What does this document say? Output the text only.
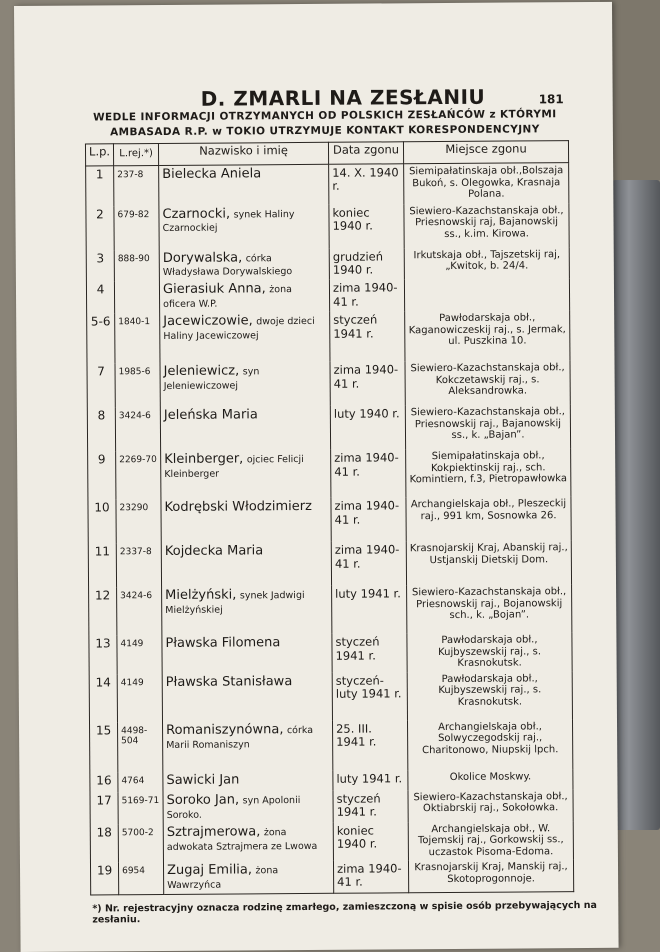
D. ZMARLI NA ZESŁANIU	181
WEDLE INFORMACJI OTRZYMANYCH OD POLSKICH ZESŁAŃCÓW z KTÓRYMI
AMBASADA R.P. w TOKIO UTRZYMUJE KONTAKT KORESPONDENCYJNY
L.p.	L.rej.*)	Nazwisko i imię	Data zgonu	Miejsce zgonu
1	237-8	Bielecka Aniela	14. X. 1940 r.	Siemipałatinskaja obł.,Bolszaja Bukoń, s. Olegowka, Krasnaja Polana.
2	679-82	Czarnocki, synek Haliny Czarnockiej	koniec 1940 r.	Siewiero-Kazachstanskaja obł., Priesnowskij raj, Bajanowskij ss., k.im. Kirowa.
3	888-90	Dorywalska, córka Władysława Dorywalskiego	grudzień 1940 r.	Irkutskaja obł., Tajszetskij raj, „Kwitok, b. 24/4.
4		Gierasiuk Anna, żona oficera W.P.	zima 1940-41 r.	
5-6	1840-1	Jacewiczowie, dwoje dzieci Haliny Jacewiczowej	styczeń 1941 r.	Pawłodarskaja obł., Kaganowiczeskij raj., s. Jermak, ul. Puszkina 10.
7	1985-6	Jeleniewicz, syn Jeleniewiczowej	zima 1940-41 r.	Siewiero-Kazachstanskaja obł., Kokczetawskij raj., s. Aleksandrowka.
8	3424-6	Jeleńska Maria	luty 1940 r.	Siewiero-Kazachstanskaja obł., Priesnowskij raj., Bajanowskij ss., k. „Bajan”.
9	2269-70	Kleinberger, ojciec Felicji Kleinberger	zima 1940-41 r.	Siemipałatinskaja obł., Kokpiektinskij raj., sch. Komintiern, f.3, Pietropawłowka
10	23290	Kodrębski Włodzimierz	zima 1940-41 r.	Archangielskaja obł., Pleszeckij raj., 991 km, Sosnowka 26.
11	2337-8	Kojdecka Maria	zima 1940-41 r.	Krasnojarskij Kraj, Abanskij raj., Ustjanskij Dietskij Dom.
12	3424-6	Mielżyński, synek Jadwigi Mielżyńskiej	luty 1941 r.	Siewiero-Kazachstanskaja obł., Priesnowskij raj., Bojanowskij sch., k. „Bojan”.
13	4149	Pławska Filomena	styczeń 1941 r.	Pawłodarskaja obł., Kujbyszewskij raj., s. Krasnokutsk.
14	4149	Pławska Stanisława	styczeń-luty 1941 r.	Pawłodarskaja obł., Kujbyszewskij raj., s. Krasnokutsk.
15	4498-504	Romaniszynówna, córka Marii Romaniszyn	25. III. 1941 r.	Archangielskaja obł., Solwyczegodskij raj., Charitonowo, Niupskij lpch.
16	4764	Sawicki Jan	luty 1941 r.	Okolice Moskwy.
17	5169-71	Soroko Jan, syn Apolonii Soroko.	styczeń 1941 r.	Siewiero-Kazachstanskaja obł., Oktiabrskij raj., Sokołowka.
18	5700-2	Sztrajmerowa, żona adwokata Sztrajmera ze Lwowa	koniec 1940 r.	Archangielskaja obł., W. Tojemskij raj., Gorkowskij ss., uczastok Pisoma-Edoma.
19	6954	Zugaj Emilia, żona Wawrzyńca	zima 1940-41 r.	Krasnojarskij Kraj, Manskij raj., Skotoprogonnoje.
*) Nr. rejestracyjny oznacza rodzinę zmarłego, zamieszczoną w spisie osób przebywających na zesłaniu.
